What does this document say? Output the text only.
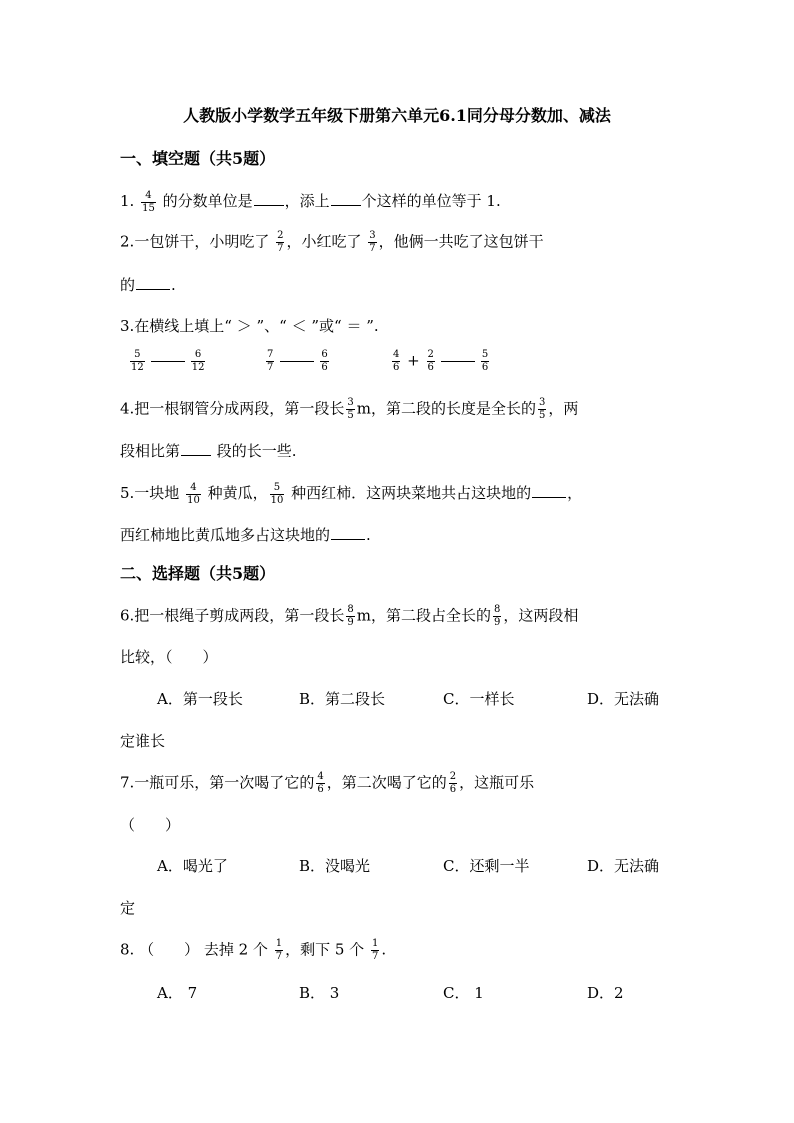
人教版小学数学五年级下册第六单元6.1同分母分数加、减法
一、填空题（共5题）
1. $\frac{4}{15}$ 的分数单位是 ，添上 个这样的单位等于 1.
2.一包饼干，小明吃了 $\frac{2}{7}$ ，小红吃了 $\frac{3}{7}$ ，他俩一共吃了这包饼干
的 .
3.在横线上填上“ ＞ ”、“ ＜ ”或“ ＝ ”.
$\frac{5}{12}$	$\frac{6}{12}$	$\frac{7}{7}$	$\frac{6}{6}$	$\frac{4}{6} + \frac{2}{6}$	$\frac{5}{6}$
4.把一根钢管分成两段，第一段长 $\frac{3}{5}$ m，第二段的长度是全长的 $\frac{3}{5}$ ，两
段相比第 段的长一些.
5.一块地 $\frac{4}{10}$ 种黄瓜， $\frac{5}{10}$ 种西红柿．这两块菜地共占这块地的 ，
西红柿地比黄瓜地多占这块地的 .
二、选择题（共5题）
6.把一根绳子剪成两段，第一段长 $\frac{8}{9}$ m，第二段占全长的 $\frac{8}{9}$ ，这两段相
比较，（　　）
A．第一段长	B．第二段长	C．一样长	D．无法确
定谁长
7.一瓶可乐，第一次喝了它的 $\frac{4}{6}$ ，第二次喝了它的 $\frac{2}{6}$ ，这瓶可乐
（　　）
A．喝光了	B．没喝光	C．还剩一半	D．无法确
定
8. （　　） 去掉 2 个 $\frac{1}{7}$ ，剩下 5 个 $\frac{1}{7}$ .
A． 7	B． 3	C． 1	D．2
